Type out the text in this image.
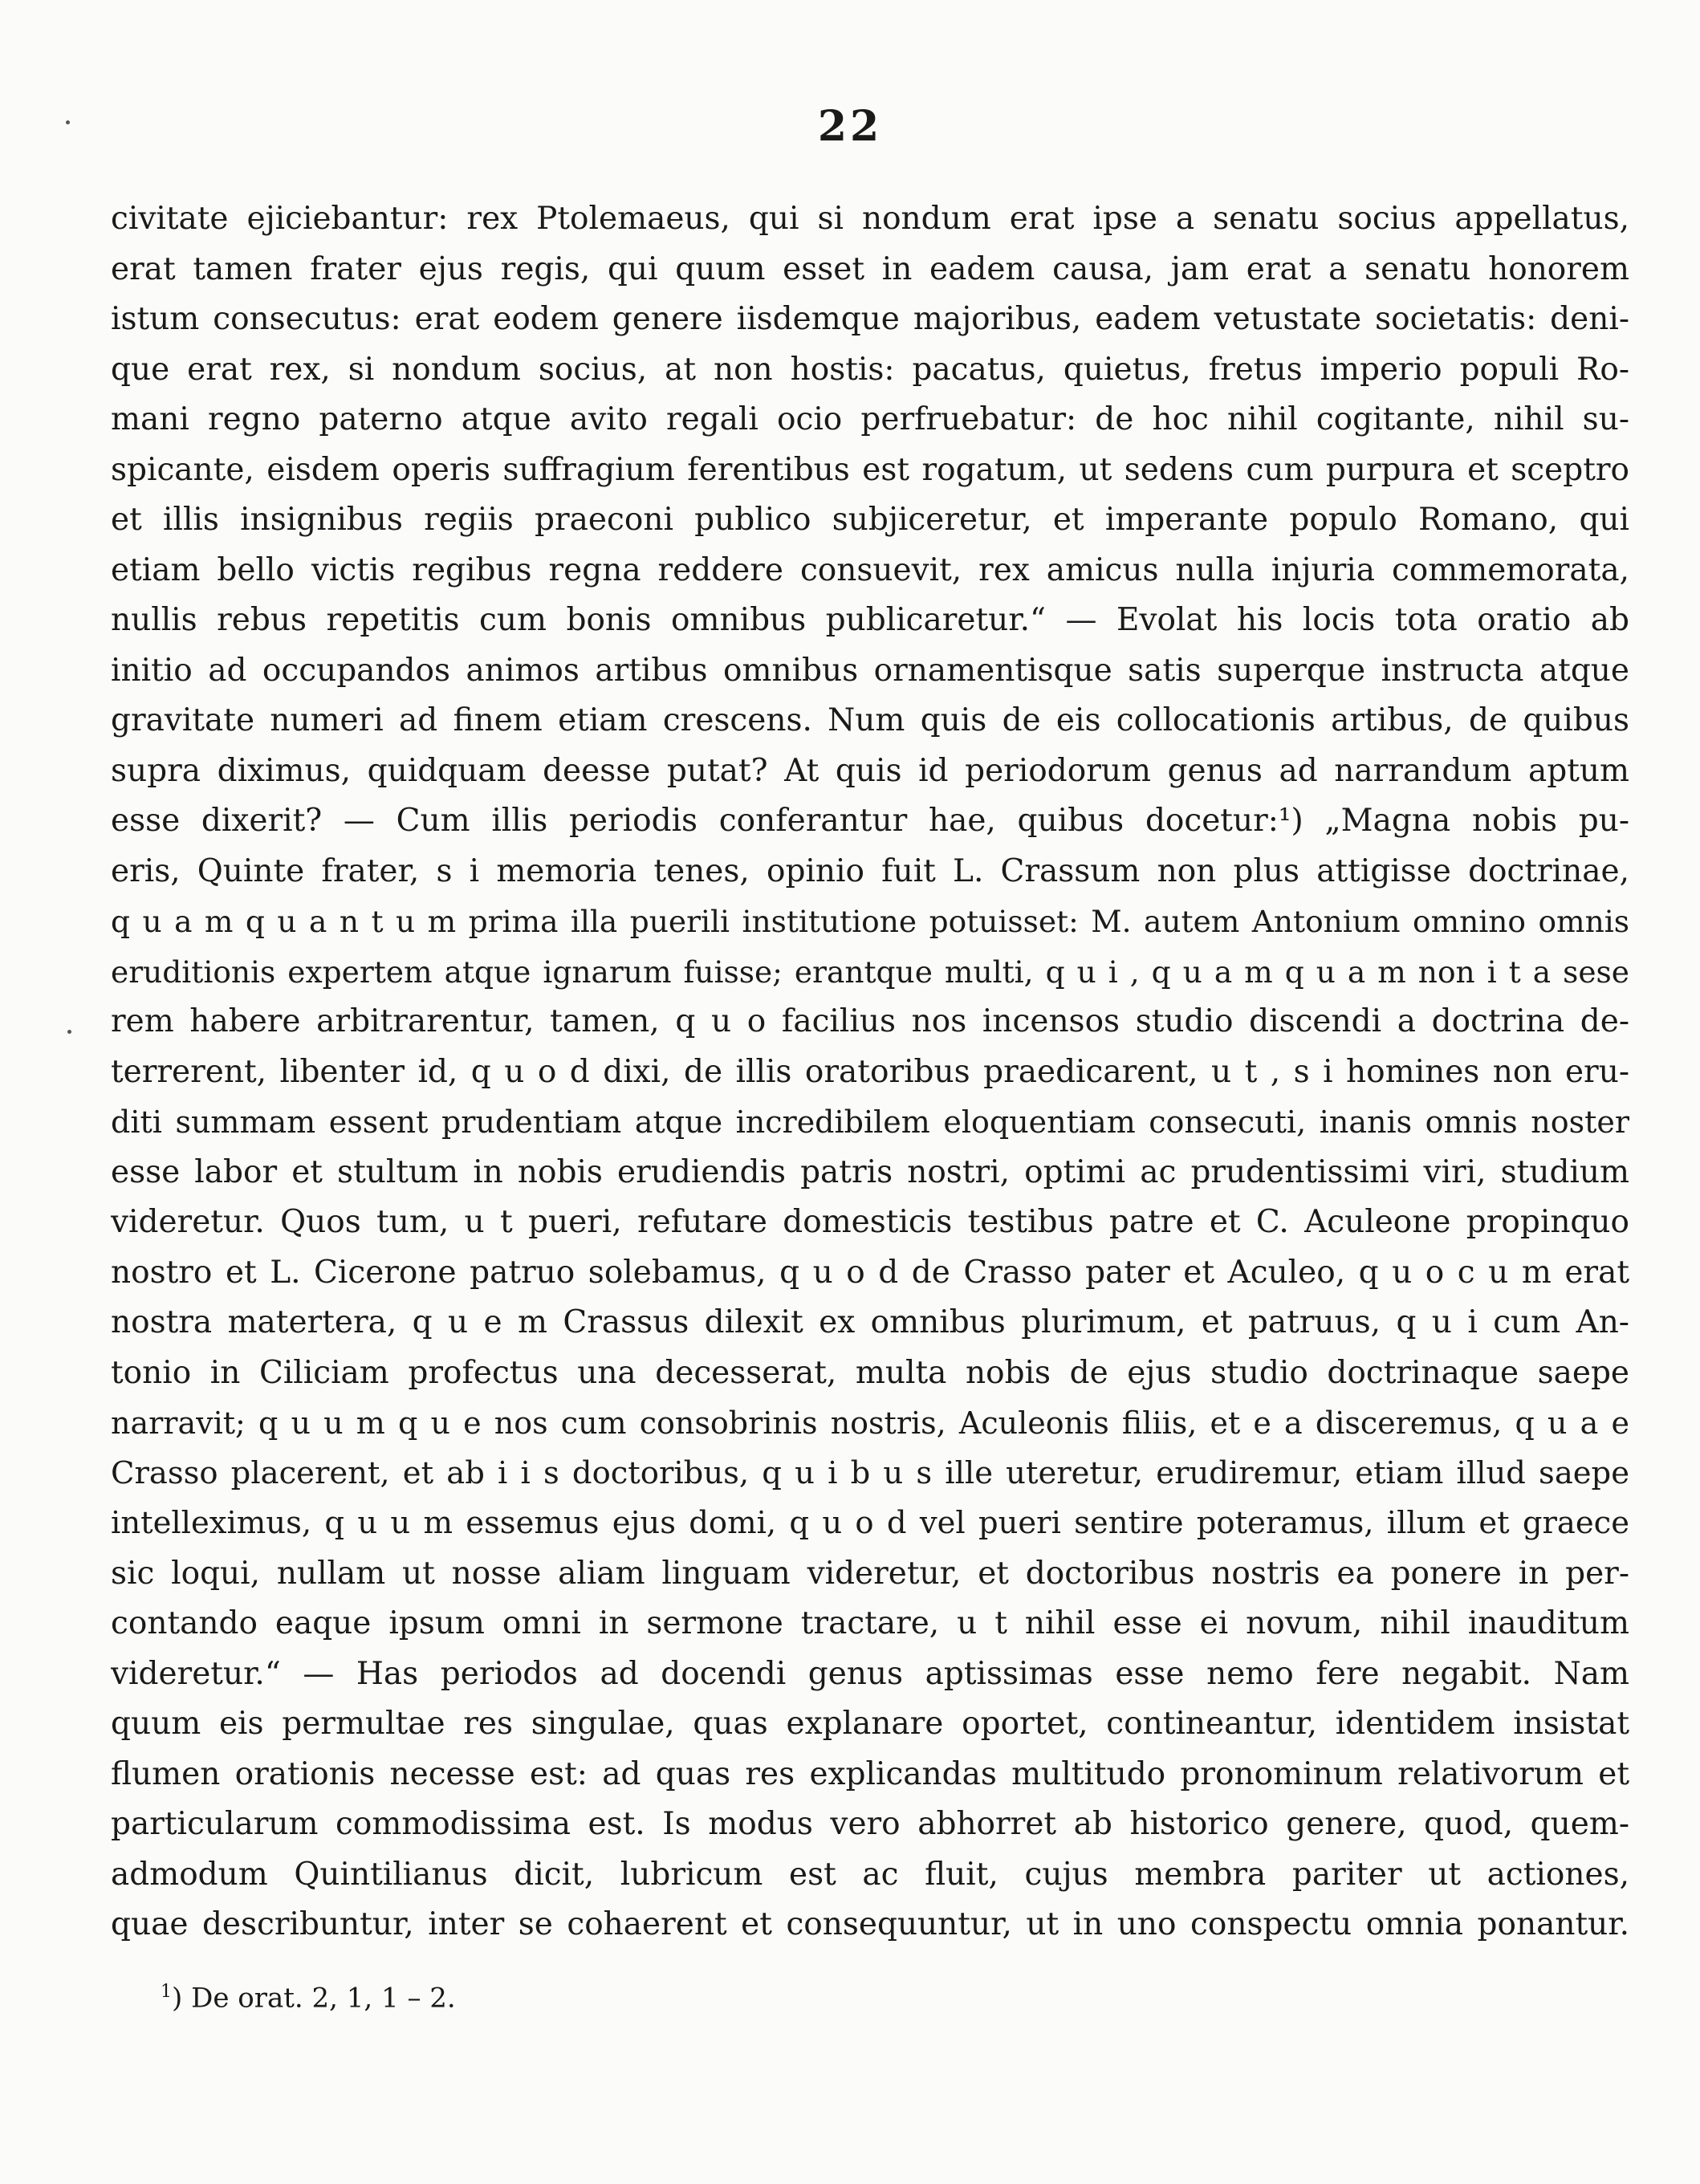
22
civitate ejiciebantur: rex Ptolemaeus, qui si nondum erat ipse a senatu socius appellatus,
erat tamen frater ejus regis, qui quum esset in eadem causa, jam erat a senatu honorem
istum consecutus: erat eodem genere iisdemque majoribus, eadem vetustate societatis: deni-
que erat rex, si nondum socius, at non hostis: pacatus, quietus, fretus imperio populi Ro-
mani regno paterno atque avito regali ocio perfruebatur: de hoc nihil cogitante, nihil su-
spicante, eisdem operis suffragium ferentibus est rogatum, ut sedens cum purpura et sceptro
et illis insignibus regiis praeconi publico subjiceretur, et imperante populo Romano, qui
etiam bello victis regibus regna reddere consuevit, rex amicus nulla injuria commemorata,
nullis rebus repetitis cum bonis omnibus publicaretur.“ — Evolat his locis tota oratio ab
initio ad occupandos animos artibus omnibus ornamentisque satis superque instructa atque
gravitate numeri ad finem etiam crescens. Num quis de eis collocationis artibus, de quibus
supra diximus, quidquam deesse putat? At quis id periodorum genus ad narrandum aptum
esse dixerit? — Cum illis periodis conferantur hae, quibus docetur:¹) „Magna nobis pu-
eris, Quinte frater, s i memoria tenes, opinio fuit L. Crassum non plus attigisse doctrinae,
q u a m q u a n t u m prima illa puerili institutione potuisset: M. autem Antonium omnino omnis
eruditionis expertem atque ignarum fuisse; erantque multi, q u i , q u a m q u a m non i t a sese
rem habere arbitrarentur, tamen, q u o facilius nos incensos studio discendi a doctrina de-
terrerent, libenter id, q u o d dixi, de illis oratoribus praedicarent, u t , s i homines non eru-
diti summam essent prudentiam atque incredibilem eloquentiam consecuti, inanis omnis noster
esse labor et stultum in nobis erudiendis patris nostri, optimi ac prudentissimi viri, studium
videretur. Quos tum, u t pueri, refutare domesticis testibus patre et C. Aculeone propinquo
nostro et L. Cicerone patruo solebamus, q u o d de Crasso pater et Aculeo, q u o c u m erat
nostra matertera, q u e m Crassus dilexit ex omnibus plurimum, et patruus, q u i cum An-
tonio in Ciliciam profectus una decesserat, multa nobis de ejus studio doctrinaque saepe
narravit; q u u m q u e nos cum consobrinis nostris, Aculeonis filiis, et e a disceremus, q u a e
Crasso placerent, et ab i i s doctoribus, q u i b u s ille uteretur, erudiremur, etiam illud saepe
intelleximus, q u u m essemus ejus domi, q u o d vel pueri sentire poteramus, illum et graece
sic loqui, nullam ut nosse aliam linguam videretur, et doctoribus nostris ea ponere in per-
contando eaque ipsum omni in sermone tractare, u t nihil esse ei novum, nihil inauditum
videretur.“ — Has periodos ad docendi genus aptissimas esse nemo fere negabit. Nam
quum eis permultae res singulae, quas explanare oportet, contineantur, identidem insistat
flumen orationis necesse est: ad quas res explicandas multitudo pronominum relativorum et
particularum commodissima est. Is modus vero abhorret ab historico genere, quod, quem-
admodum Quintilianus dicit, lubricum est ac fluit, cujus membra pariter ut actiones,
quae describuntur, inter se cohaerent et consequuntur, ut in uno conspectu omnia ponantur.
$^1$) De orat. 2, 1, 1 – 2.
